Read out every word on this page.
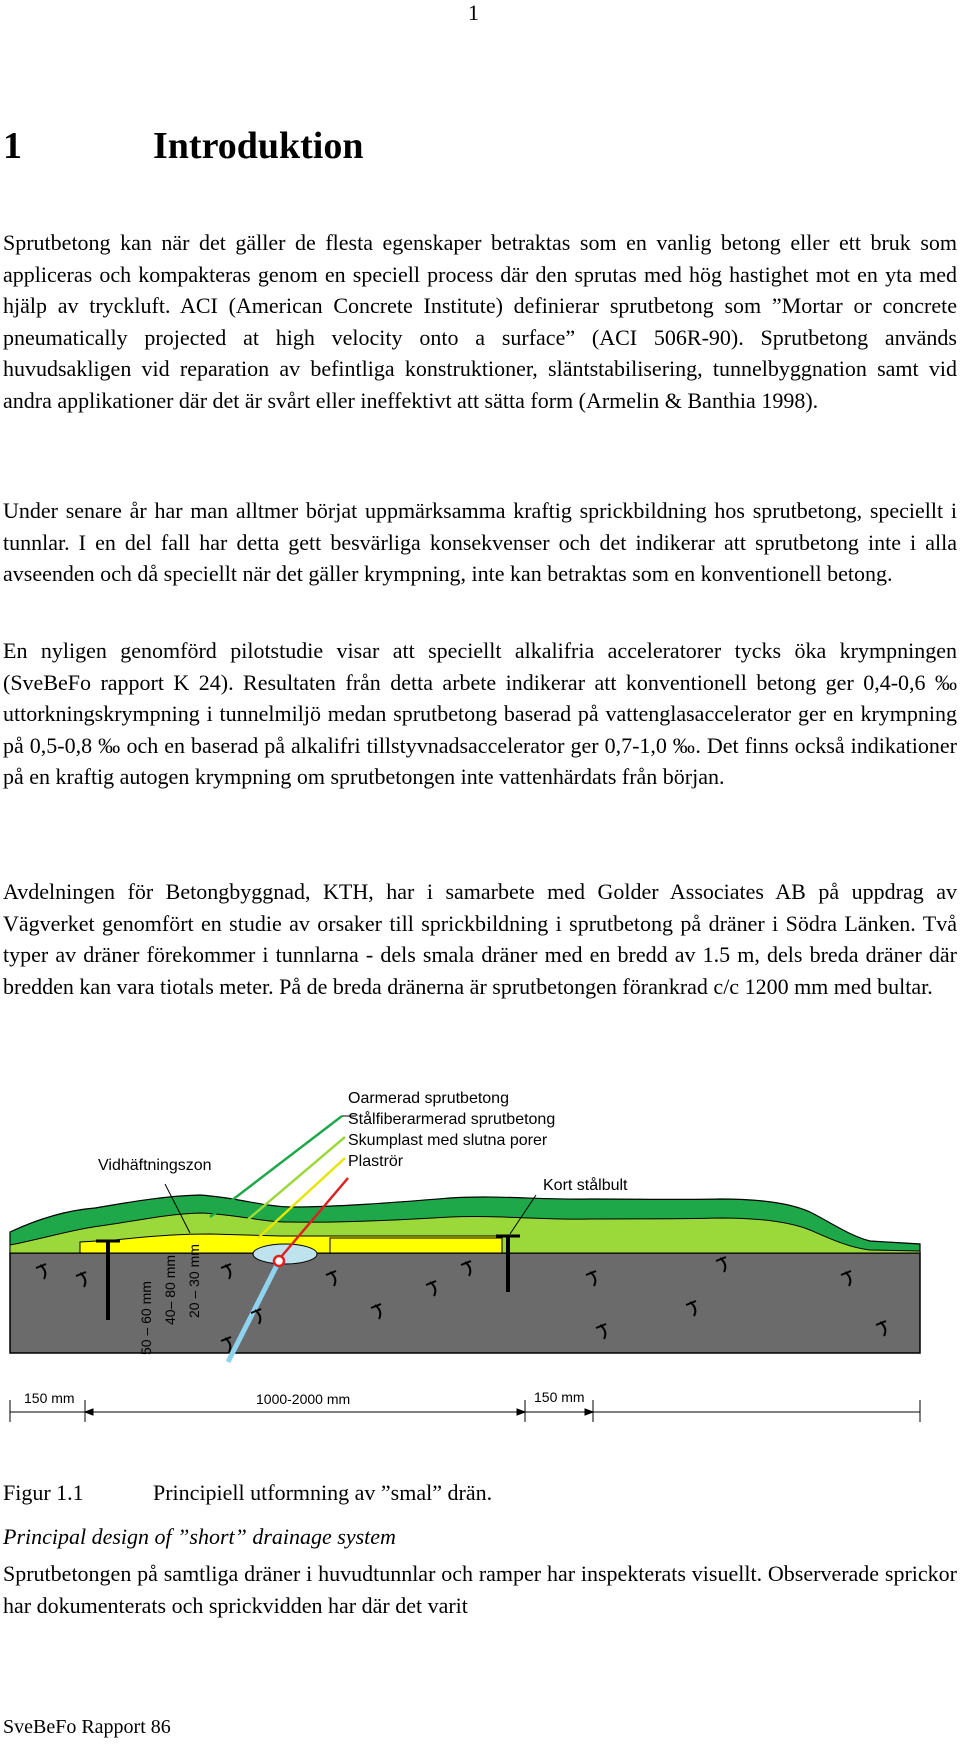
1
1	Introduktion

Sprutbetong kan när det gäller de flesta egenskaper betraktas som en vanlig betong eller ett bruk som appliceras och kompakteras genom en speciell process där den sprutas med hög hastighet mot en yta med hjälp av tryckluft. ACI (American Concrete Institute) definierar sprutbetong som ”Mortar or concrete pneumatically projected at high velocity onto a surface” (ACI 506R-90). Sprutbetong används huvudsakligen vid reparation av befintliga konstruktioner, släntstabilisering, tunnelbyggnation samt vid andra applikationer där det är svårt eller ineffektivt att sätta form (Armelin & Banthia 1998).

Under senare år har man alltmer börjat uppmärksamma kraftig sprickbildning hos sprutbetong, speciellt i tunnlar. I en del fall har detta gett besvärliga konsekvenser och det indikerar att sprutbetong inte i alla avseenden och då speciellt när det gäller krympning, inte kan betraktas som en konventionell betong.

En nyligen genomförd pilotstudie visar att speciellt alkalifria acceleratorer tycks öka krympningen (SveBeFo rapport K 24). Resultaten från detta arbete indikerar att konventionell betong ger 0,4-0,6 ‰ uttorkningskrympning i tunnelmiljö medan sprutbetong baserad på vattenglasaccelerator ger en krympning på 0,5-0,8 ‰ och en baserad på alkalifri tillstyvnadsaccelerator ger 0,7-1,0 ‰. Det finns också indikationer på en kraftig autogen krympning om sprutbetongen inte vattenhärdats från början.

Avdelningen för Betongbyggnad, KTH, har i samarbete med Golder Associates AB på uppdrag av Vägverket genomfört en studie av orsaker till sprickbildning i sprutbetong på dräner i Södra Länken. Två typer av dräner förekommer i tunnlarna - dels smala dräner med en bredd av 1.5 m, dels breda dräner där bredden kan vara tiotals meter. På de breda dränerna är sprutbetongen förankrad c/c 1200 mm med bultar.

Oarmerad sprutbetong
Stålfiberarmerad sprutbetong
Skumplast med slutna porer
Plaströr
Vidhäftningszon
Kort stålbult
50 – 60 mm 40– 80 mm 20 – 30 mm
150 mm	1000-2000 mm	150 mm
Figur 1.1	Principiell utformning av ”smal” drän.
Principal design of ”short” drainage system

Sprutbetongen på samtliga dräner i huvudtunnlar och ramper har inspekterats visuellt. Observerade sprickor har dokumenterats och sprickvidden har där det varit

SveBeFo Rapport 86
